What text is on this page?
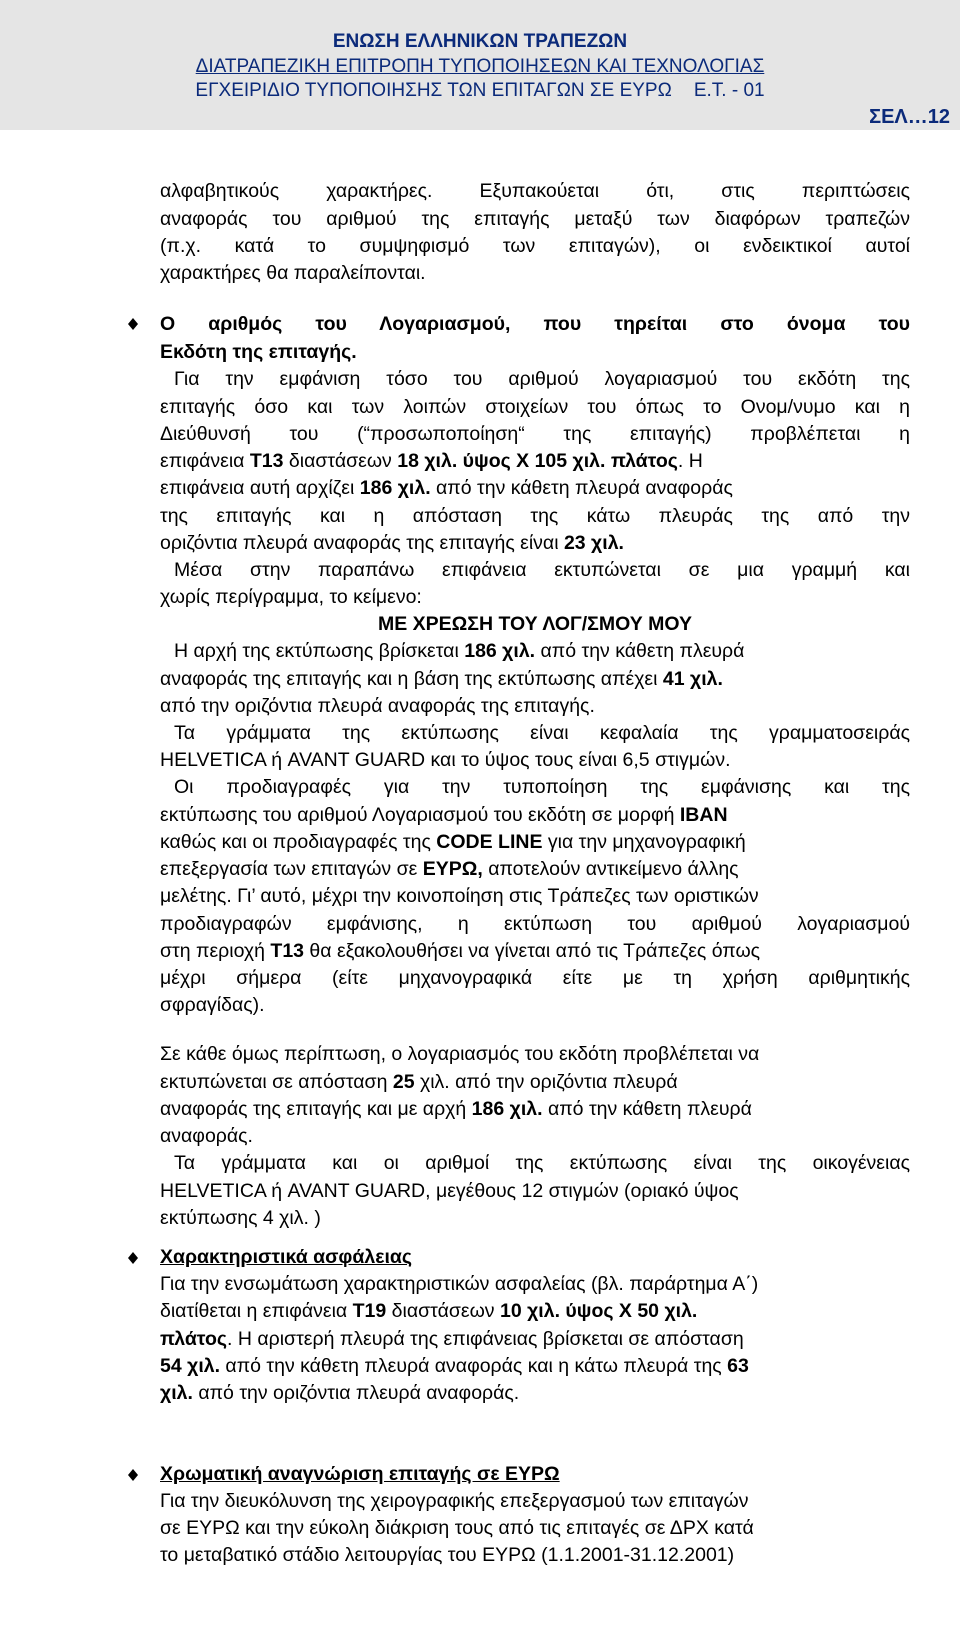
ΕΝΩΣΗ ΕΛΛΗΝΙΚΩΝ ΤΡΑΠΕΖΩΝ
ΔΙΑΤΡΑΠΕΖΙΚΗ ΕΠΙΤΡΟΠΗ ΤΥΠΟΠΟΙΗΣΕΩΝ ΚΑΙ ΤΕΧΝΟΛΟΓΙΑΣ
ΕΓΧΕΙΡΙΔΙΟ ΤΥΠΟΠΟΙΗΣΗΣ ΤΩΝ ΕΠΙΤΑΓΩΝ ΣΕ ΕΥΡΩ Ε.Τ. - 01
ΣΕΛ…12
αλφαβητικούς χαρακτήρες. Εξυπακούεται ότι, στις περιπτώσεις
αναφοράς του αριθμού της επιταγής μεταξύ των διαφόρων τραπεζών
(π.χ. κατά το συμψηφισμό των επιταγών), οι ενδεικτικοί αυτοί
χαρακτήρες θα παραλείπονται.
Ο αριθμός του Λογαριασμού, που τηρείται στο όνομα του
Εκδότη της επιταγής.
Για την εμφάνιση τόσο του αριθμού λογαριασμού του εκδότη της
επιταγής όσο και των λοιπών στοιχείων του όπως το Ονομ/νυμο και η
Διεύθυνσή του (“προσωποποίηση“ της επιταγής) προβλέπεται η
επιφάνεια Τ13 διαστάσεων 18 χιλ. ύψος Χ 105 χιλ. πλάτος. Η
επιφάνεια αυτή αρχίζει 186 χιλ. από την κάθετη πλευρά αναφοράς
της επιταγής και η απόσταση της κάτω πλευράς της από την
οριζόντια πλευρά αναφοράς της επιταγής είναι 23 χιλ.
Μέσα στην παραπάνω επιφάνεια εκτυπώνεται σε μια γραμμή και
χωρίς περίγραμμα, το κείμενο:
ΜΕ ΧΡΕΩΣΗ ΤΟΥ ΛΟΓ/ΣΜΟΥ ΜΟΥ
Η αρχή της εκτύπωσης βρίσκεται 186 χιλ. από την κάθετη πλευρά
αναφοράς της επιταγής και η βάση της εκτύπωσης απέχει 41 χιλ.
από την οριζόντια πλευρά αναφοράς της επιταγής.
Τα γράμματα της εκτύπωσης είναι κεφαλαία της γραμματοσειράς
HELVETICA ή AVANT GUARD και το ύψος τους είναι 6,5 στιγμών.
Οι προδιαγραφές για την τυποποίηση της εμφάνισης και της
εκτύπωσης του αριθμού Λογαριασμού του εκδότη σε μορφή IBAN
καθώς και οι προδιαγραφές της CODE LINE για την μηχανογραφική
επεξεργασία των επιταγών σε ΕΥΡΩ, αποτελούν αντικείμενο άλλης
μελέτης. Γι’ αυτό, μέχρι την κοινοποίηση στις Τράπεζες των οριστικών
προδιαγραφών εμφάνισης, η εκτύπωση του αριθμού λογαριασμού
στη περιοχή Τ13 θα εξακολουθήσει να γίνεται από τις Τράπεζες όπως
μέχρι σήμερα (είτε μηχανογραφικά είτε με τη χρήση αριθμητικής
σφραγίδας).
Σε κάθε όμως περίπτωση, ο λογαριασμός του εκδότη προβλέπεται να
εκτυπώνεται σε απόσταση 25 χιλ. από την οριζόντια πλευρά
αναφοράς της επιταγής και με αρχή 186 χιλ. από την κάθετη πλευρά
αναφοράς.
Τα γράμματα και οι αριθμοί της εκτύπωσης είναι της οικογένειας
HELVETICA ή AVANT GUARD, μεγέθους 12 στιγμών (οριακό ύψος
εκτύπωσης 4 χιλ. )
Χαρακτηριστικά ασφάλειας
Για την ενσωμάτωση χαρακτηριστικών ασφαλείας (βλ. παράρτημα Α΄)
διατίθεται η επιφάνεια Τ19 διαστάσεων 10 χιλ. ύψος Χ 50 χιλ.
πλάτος. Η αριστερή πλευρά της επιφάνειας βρίσκεται σε απόσταση
54 χιλ. από την κάθετη πλευρά αναφοράς και η κάτω πλευρά της 63
χιλ. από την οριζόντια πλευρά αναφοράς.
Χρωματική αναγνώριση επιταγής σε ΕΥΡΩ
Για την διευκόλυνση της χειρογραφικής επεξεργασμού των επιταγών
σε ΕΥΡΩ και την εύκολη διάκριση τους από τις επιταγές σε ΔΡΧ κατά
το μεταβατικό στάδιο λειτουργίας του ΕΥΡΩ (1.1.2001-31.12.2001)
